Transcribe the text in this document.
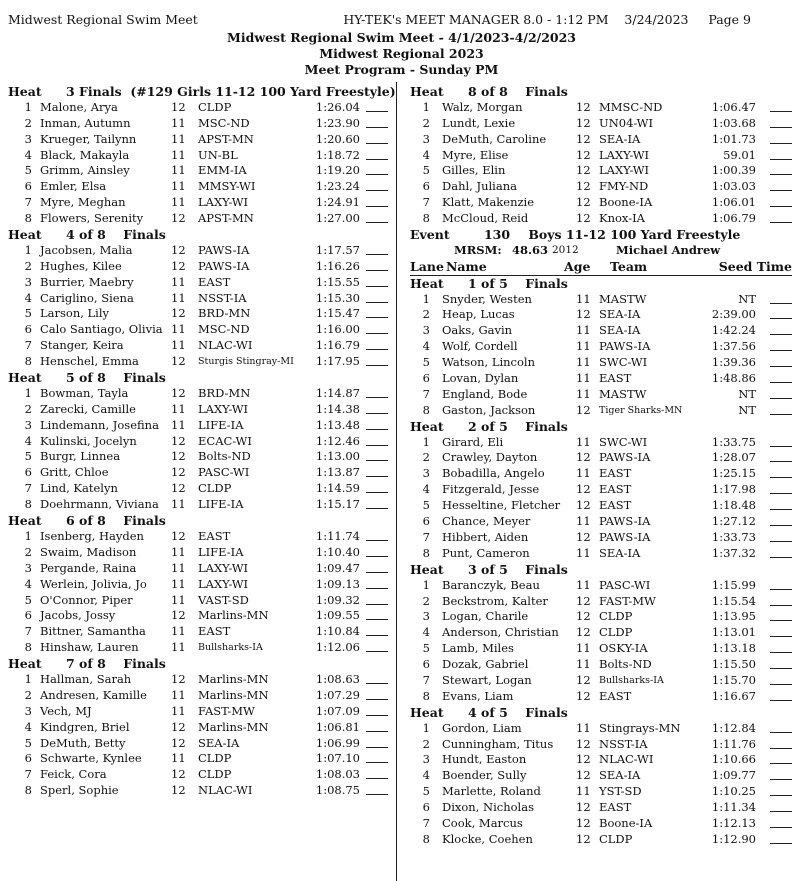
Midwest Regional Swim Meet	HY-TEK's MEET MANAGER 8.0 - 1:12 PM    3/24/2023     Page 9
Midwest Regional Swim Meet - 4/1/2023-4/2/2023
Midwest Regional 2023
Meet Program - Sunday PM
Heat 3 Finals  (#129 Girls 11-12 100 Yard Freestyle)
1 Malone, Arya	12 CLDP	1:26.04
2 Inman, Autumn	11 MSC-ND	1:23.90
3 Krueger, Tailynn	11 APST-MN	1:20.60
4 Black, Makayla	11 UN-BL	1:18.72
5 Grimm, Ainsley	11 EMM-IA	1:19.20
6 Emler, Elsa	11 MMSY-WI	1:23.24
7 Myre, Meghan	11 LAXY-WI	1:24.91
8 Flowers, Serenity 12 APST-MN	1:27.00
Heat 4 of 8    Finals
1 Jacobsen, Malia	12 PAWS-IA	1:17.57
2 Hughes, Kilee	12 PAWS-IA	1:16.26
3 Burrier, Maebry	11 EAST	1:15.55
4 Cariglino, Siena	11 NSST-IA	1:15.30
5 Larson, Lily	12 BRD-MN	1:15.47
6 Calo Santiago, Olivia 11 MSC-ND	1:16.00
7 Stanger, Keira	11 NLAC-WI	1:16.79
8 Henschel, Emma	12 Sturgis Stingray-MI 1:17.95
Heat 5 of 8    Finals
1 Bowman, Tayla	12 BRD-MN	1:14.87
2 Zarecki, Camille	11 LAXY-WI	1:14.38
3 Lindemann, Josefina 11 LIFE-IA	1:13.48
4 Kulinski, Jocelyn	12 ECAC-WI	1:12.46
5 Burgr, Linnea	12 Bolts-ND	1:13.00
6 Gritt, Chloe	12 PASC-WI	1:13.87
7 Lind, Katelyn	12 CLDP	1:14.59
8 Doehrmann, Viviana 11 LIFE-IA	1:15.17
Heat 6 of 8    Finals
1 Isenberg, Hayden 12 EAST	1:11.74
2 Swaim, Madison	11 LIFE-IA	1:10.40
3 Pergande, Raina	11 LAXY-WI	1:09.47
4 Werlein, Jolivia, Jo 11 LAXY-WI	1:09.13
5 O'Connor, Piper	11 VAST-SD	1:09.32
6 Jacobs, Jossy	12 Marlins-MN	1:09.55
7 Bittner, Samantha 11 EAST	1:10.84
8 Hinshaw, Lauren	11 Bullsharks-IA	1:12.06
Heat 7 of 8    Finals
1 Hallman, Sarah	12 Marlins-MN	1:08.63
2 Andresen, Kamille 11 Marlins-MN	1:07.29
3 Vech, MJ	11 FAST-MW	1:07.09
4 Kindgren, Briel	12 Marlins-MN	1:06.81
5 DeMuth, Betty	12 SEA-IA	1:06.99
6 Schwarte, Kynlee	11 CLDP	1:07.10
7 Feick, Cora	12 CLDP	1:08.03
8 Sperl, Sophie	12 NLAC-WI	1:08.75
Heat 8 of 8    Finals
1 Walz, Morgan	12 MMSC-ND	1:06.47
2 Lundt, Lexie	12 UN04-WI	1:03.68
3 DeMuth, Caroline	12 SEA-IA	1:01.73
4 Myre, Elise	12 LAXY-WI	59.01
5 Gilles, Elin	12 LAXY-WI	1:00.39
6 Dahl, Juliana	12 FMY-ND	1:03.03
7 Klatt, Makenzie	12 Boone-IA	1:06.01
8 McCloud, Reid	12 Knox-IA	1:06.79
Event	130 Boys 11-12 100 Yard Freestyle
MRSM: 48.63 2012	Michael Andrew
Lane Name	Age Team	Seed Time
Heat 1 of 5    Finals
1 Snyder, Westen	11 MASTW	NT
2 Heap, Lucas	12 SEA-IA	2:39.00
3 Oaks, Gavin	11 SEA-IA	1:42.24
4 Wolf, Cordell	11 PAWS-IA	1:37.56
5 Watson, Lincoln	11 SWC-WI	1:39.36
6 Lovan, Dylan	11 EAST	1:48.86
7 England, Bode	11 MASTW	NT
8 Gaston, Jackson	12 Tiger Sharks-MN	NT
Heat 2 of 5    Finals
1 Girard, Eli	11 SWC-WI	1:33.75
2 Crawley, Dayton	12 PAWS-IA	1:28.07
3 Bobadilla, Angelo	11 EAST	1:25.15
4 Fitzgerald, Jesse	12 EAST	1:17.98
5 Hesseltine, Fletcher 12 EAST	1:18.48
6 Chance, Meyer	11 PAWS-IA	1:27.12
7 Hibbert, Aiden	12 PAWS-IA	1:33.73
8 Punt, Cameron	11 SEA-IA	1:37.32
Heat 3 of 5    Finals
1 Baranczyk, Beau	11 PASC-WI	1:15.99
2 Beckstrom, Kalter 12 FAST-MW	1:15.54
3 Logan, Charile	12 CLDP	1:13.95
4 Anderson, Christian 12 CLDP	1:13.01
5 Lamb, Miles	11 OSKY-IA	1:13.18
6 Dozak, Gabriel	11 Bolts-ND	1:15.50
7 Stewart, Logan	12 Bullsharks-IA	1:15.70
8 Evans, Liam	12 EAST	1:16.67
Heat 4 of 5    Finals
1 Gordon, Liam	11 Stingrays-MN	1:12.84
2 Cunningham, Titus 12 NSST-IA	1:11.76
3 Hundt, Easton	12 NLAC-WI	1:10.66
4 Boender, Sully	12 SEA-IA	1:09.77
5 Marlette, Roland	11 YST-SD	1:10.25
6 Dixon, Nicholas	12 EAST	1:11.34
7 Cook, Marcus	12 Boone-IA	1:12.13
8 Klocke, Coehen	12 CLDP	1:12.90
